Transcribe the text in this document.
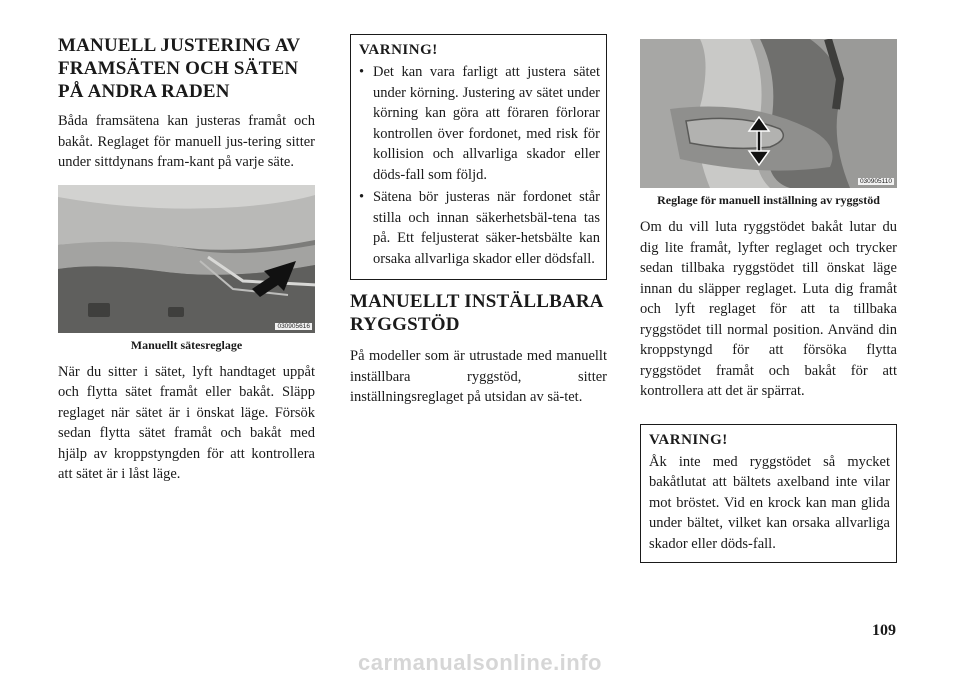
MANUELL JUSTERING AV FRAMSÄTEN OCH SÄTEN PÅ ANDRA RADEN

Båda framsätena kan justeras framåt och bakåt. Reglaget för manuell jus-tering sitter under sittdynans fram-kant på varje säte.

030905616
Manuellt sätesreglage

När du sitter i sätet, lyft handtaget uppåt och flytta sätet framåt eller bakåt. Släpp reglaget när sätet är i önskat läge. Försök sedan flytta sätet framåt och bakåt med hjälp av kroppstyngden för att kontrollera att sätet är i låst läge.

VARNING!
• Det kan vara farligt att justera sätet under körning. Justering av sätet under körning kan göra att föraren förlorar kontrollen över fordonet, med risk för kollision och allvarliga skador eller döds-fall som följd.
• Sätena bör justeras när fordonet står stilla och innan säkerhetsbäl-tena tas på. Ett feljusterat säker-hetsbälte kan orsaka allvarliga skador eller dödsfall.
MANUELLT INSTÄLLBARA RYGGSTÖD

På modeller som är utrustade med manuellt inställbara ryggstöd, sitter inställningsreglaget på utsidan av sä-tet.

030905110
Reglage för manuell inställning av ryggstöd

Om du vill luta ryggstödet bakåt lutar du dig lite framåt, lyfter reglaget och trycker sedan tillbaka ryggstödet till önskat läge innan du släpper reglaget. Luta dig framåt och lyft reglaget för att ta tillbaka ryggstödet till normal position. Använd din kroppstyngd för att försöka flytta ryggstödet framåt och bakåt för att kontrollera att det är spärrat.

VARNING!

Åk inte med ryggstödet så mycket bakåtlutat att bältets axelband inte vilar mot bröstet. Vid en krock kan man glida under bältet, vilket kan orsaka allvarliga skador eller döds-fall.

109
carmanualsonline.info
